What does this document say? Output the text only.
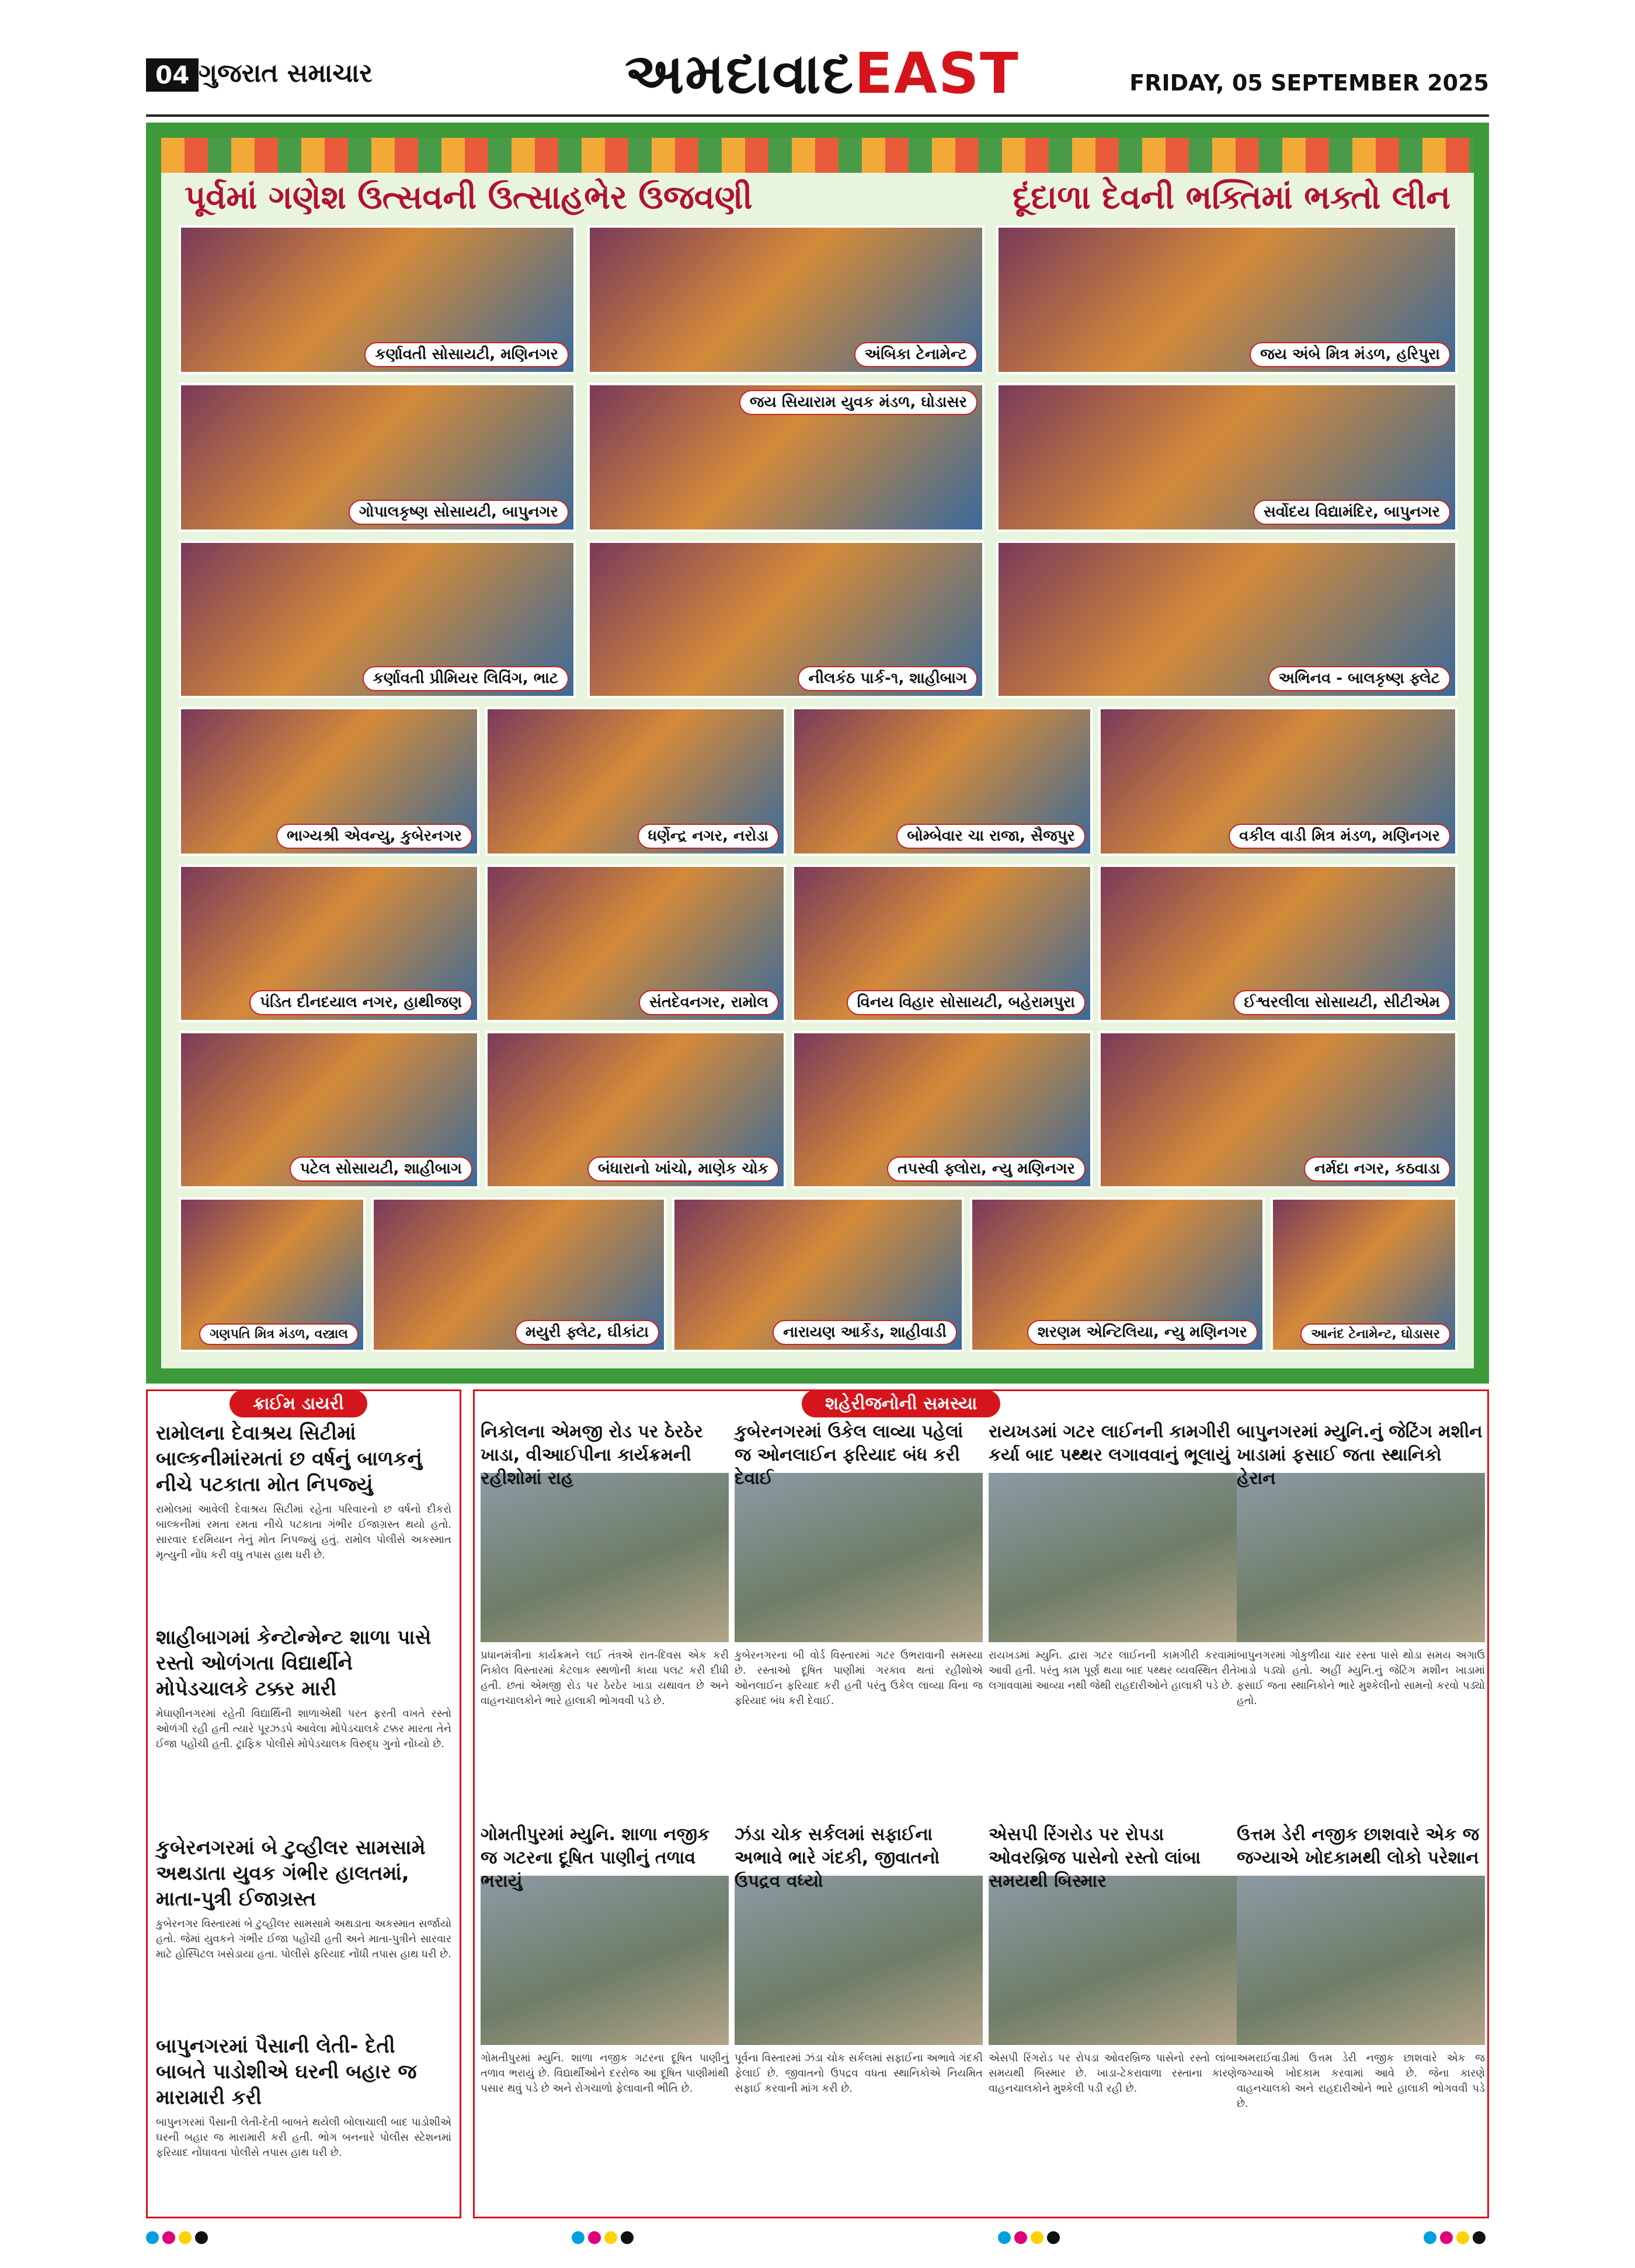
04 ગુજરાત સમાચાર	અમદાવાદEAST	FRIDAY, 05 SEPTEMBER 2025
પૂર્વમાં ગણેશ ઉત્સવની ઉત્સાહભેર ઉજવણી	દૂંદાળા દેવની ભક્તિમાં ભક્તો લીન
કર્ણાવતી સોસાયટી, મણિનગર	અંબિકા ટેનામેન્ટ	જય અંબે મિત્ર મંડળ, હરિપુરા
ગોપાલકૃષ્ણ સોસાયટી, બાપુનગર
જય સિયારામ યુવક મંડળ, ઘોડાસર
સર્વોદય વિદ્યામંદિર, બાપુનગર
કર્ણાવતી પ્રીમિયર લિવિંગ, ભાટ	નીલકંઠ પાર્ક-૧, શાહીબાગ	અભિનવ - બાલકૃષ્ણ ફ્લેટ
ભાગ્યશ્રી એવન્યુ, કુબેરનગર	ધર્ણેન્દ્ર નગર, નરોડા	બોમ્બેવાર ચા રાજા, સૈજપુર	વકીલ વાડી મિત્ર મંડળ, મણિનગર
પંડિત દીનદયાલ નગર, હાથીજણ	સંતદેવનગર, રામોલ	વિનય વિહાર સોસાયટી, બહેરામપુરા	ઈશ્વરલીલા સોસાયટી, સીટીએમ
પટેલ સોસાયટી, શાહીબાગ	બંધારાનો ખાંચો, માણેક ચોક	તપસ્વી ફ્લોરા, ન્યુ મણિનગર	નર્મદા નગર, કઠવાડા
ગણપતિ મિત્ર મંડળ, વસ્ત્રાલ	મયુરી ફ્લેટ, ઘીકાંટા	નારાયણ આર્કેડ, શાહીવાડી	શરણમ એન્ટિલિયા, ન્યુ મણિનગર	આનંદ ટેનામેન્ટ, ઘોડાસર
ક્રાઈમ ડાયરી
રામોલના દેવાશ્રય સિટીમાં બાલ્કનીમાંરમતાં છ વર્ષનું બાળકનું નીચે પટકાતા મોત નિપજ્યું

રામોલમાં આવેલી દેવાશ્રય સિટીમાં રહેતા પરિવારનો છ વર્ષનો દીકરો બાલ્કનીમાં રમતા રમતા નીચે પટકાતા ગંભીર ઈજાગ્રસ્ત થયો હતો. સારવાર દરમિયાન તેનું મોત નિપજ્યું હતું. રામોલ પોલીસે અકસ્માત મૃત્યુની નોંધ કરી વધુ તપાસ હાથ ધરી છે.

શાહીબાગમાં કેન્ટોન્મેન્ટ શાળા પાસે રસ્તો ઓળંગતા વિદ્યાર્થીને મોપેડચાલકે ટક્કર મારી

મેઘાણીનગરમાં રહેતી વિદ્યાર્થિની શાળાએથી પરત ફરતી વખતે રસ્તો ઓળંગી રહી હતી ત્યારે પૂરઝડપે આવેલા મોપેડચાલકે ટક્કર મારતા તેને ઈજા પહોંચી હતી. ટ્રાફિક પોલીસે મોપેડચાલક વિરુદ્ધ ગુનો નોંધ્યો છે.

કુબેરનગરમાં બે ટુવ્હીલર સામસામે અથડાતા યુવક ગંભીર હાલતમાં, માતા-પુત્રી ઈજાગ્રસ્ત

કુબેરનગર વિસ્તારમાં બે ટુવ્હીલર સામસામે અથડાતા અકસ્માત સર્જાયો હતો. જેમાં યુવકને ગંભીર ઈજા પહોંચી હતી અને માતા-પુત્રીને સારવાર માટે હોસ્પિટલ ખસેડાયા હતા. પોલીસે ફરિયાદ નોંધી તપાસ હાથ ધરી છે.

બાપુનગરમાં પૈસાની લેતી- દેતી બાબતે પાડોશીએ ઘરની બહાર જ મારામારી કરી

બાપુનગરમાં પૈસાની લેતી-દેતી બાબતે થયેલી બોલાચાલી બાદ પાડોશીએ ઘરની બહાર જ મારામારી કરી હતી. ભોગ બનનારે પોલીસ સ્ટેશનમાં ફરિયાદ નોંધાવતા પોલીસે તપાસ હાથ ધરી છે.

શહેરીજનોની સમસ્યા
નિકોલના એમજી રોડ પર ઠેરઠેર ખાડા, વીઆઈપીના કાર્યક્રમની રહીશોમાં રાહ

પ્રધાનમંત્રીના કાર્યક્રમને લઈ તંત્રએ રાત-દિવસ એક કરી નિકોલ વિસ્તારમાં કેટલાક સ્થળોની કાયા પલટ કરી દીધી હતી. છતાં એમજી રોડ પર ઠેરઠેર ખાડા યથાવત છે અને વાહનચાલકોને ભારે હાલાકી ભોગવવી પડે છે.

કુબેરનગરમાં ઉકેલ લાવ્યા પહેલાં જ ઓનલાઈન ફરિયાદ બંધ કરી દેવાઈ

કુબેરનગરના બી વોર્ડ વિસ્તારમાં ગટર ઉભરાવાની સમસ્યા છે. રસ્તાઓ દૂષિત પાણીમાં ગરકાવ થતાં રહીશોએ ઓનલાઈન ફરિયાદ કરી હતી પરંતુ ઉકેલ લાવ્યા વિના જ ફરિયાદ બંધ કરી દેવાઈ.

રાયખડમાં ગટર લાઈનની કામગીરી કર્યા બાદ પથ્થર લગાવવાનું ભૂલાયું

રાયખડમાં મ્યુનિ. દ્વારા ગટર લાઈનની કામગીરી કરવામાં આવી હતી. પરંતુ કામ પૂર્ણ થયા બાદ પથ્થર વ્યવસ્થિત રીતે લગાવવામાં આવ્યા નથી જેથી રાહદારીઓને હાલાકી પડે છે.

બાપુનગરમાં મ્યુનિ.નું જેટિંગ મશીન ખાડામાં ફસાઈ જતા સ્થાનિકો હેરાન

બાપુનગરમાં ગોકુળીયા ચાર રસ્તા પાસે થોડા સમય અગાઉ ખાડો પડ્યો હતો. અહીં મ્યુનિ.નું જેટિંગ મશીન ખાડામાં ફસાઈ જતા સ્થાનિકોને ભારે મુશ્કેલીનો સામનો કરવો પડ્યો હતો.

ગોમતીપુરમાં મ્યુનિ. શાળા નજીક જ ગટરના દૂષિત પાણીનું તળાવ ભરાયું

ગોમતીપુરમાં મ્યુનિ. શાળા નજીક ગટરના દૂષિત પાણીનું તળાવ ભરાયું છે. વિદ્યાર્થીઓને દરરોજ આ દૂષિત પાણીમાંથી પસાર થવું પડે છે અને રોગચાળો ફેલાવાની ભીતિ છે.

ઝંડા ચોક સર્કલમાં સફાઈના અભાવે ભારે ગંદકી, જીવાતનો ઉપદ્રવ વધ્યો

પૂર્વના વિસ્તારમાં ઝંડા ચોક સર્કલમાં સફાઈના અભાવે ગંદકી ફેલાઈ છે. જીવાતનો ઉપદ્રવ વધતા સ્થાનિકોએ નિયમિત સફાઈ કરવાની માંગ કરી છે.

એસપી રિંગરોડ પર રોપડા ઓવરબ્રિજ પાસેનો રસ્તો લાંબા સમયથી બિસ્માર

એસપી રિંગરોડ પર રોપડા ઓવરબ્રિજ પાસેનો રસ્તો લાંબા સમયથી બિસ્માર છે. ખાડા-ટેકરાવાળા રસ્તાના કારણે વાહનચાલકોને મુશ્કેલી પડી રહી છે.

ઉત્તમ ડેરી નજીક છાશવારે એક જ જગ્યાએ ખોદકામથી લોકો પરેશાન

અમરાઈવાડીમાં ઉત્તમ ડેરી નજીક છાશવારે એક જ જગ્યાએ ખોદકામ કરવામાં આવે છે. જેના કારણે વાહનચાલકો અને રાહદારીઓને ભારે હાલાકી ભોગવવી પડે છે.
